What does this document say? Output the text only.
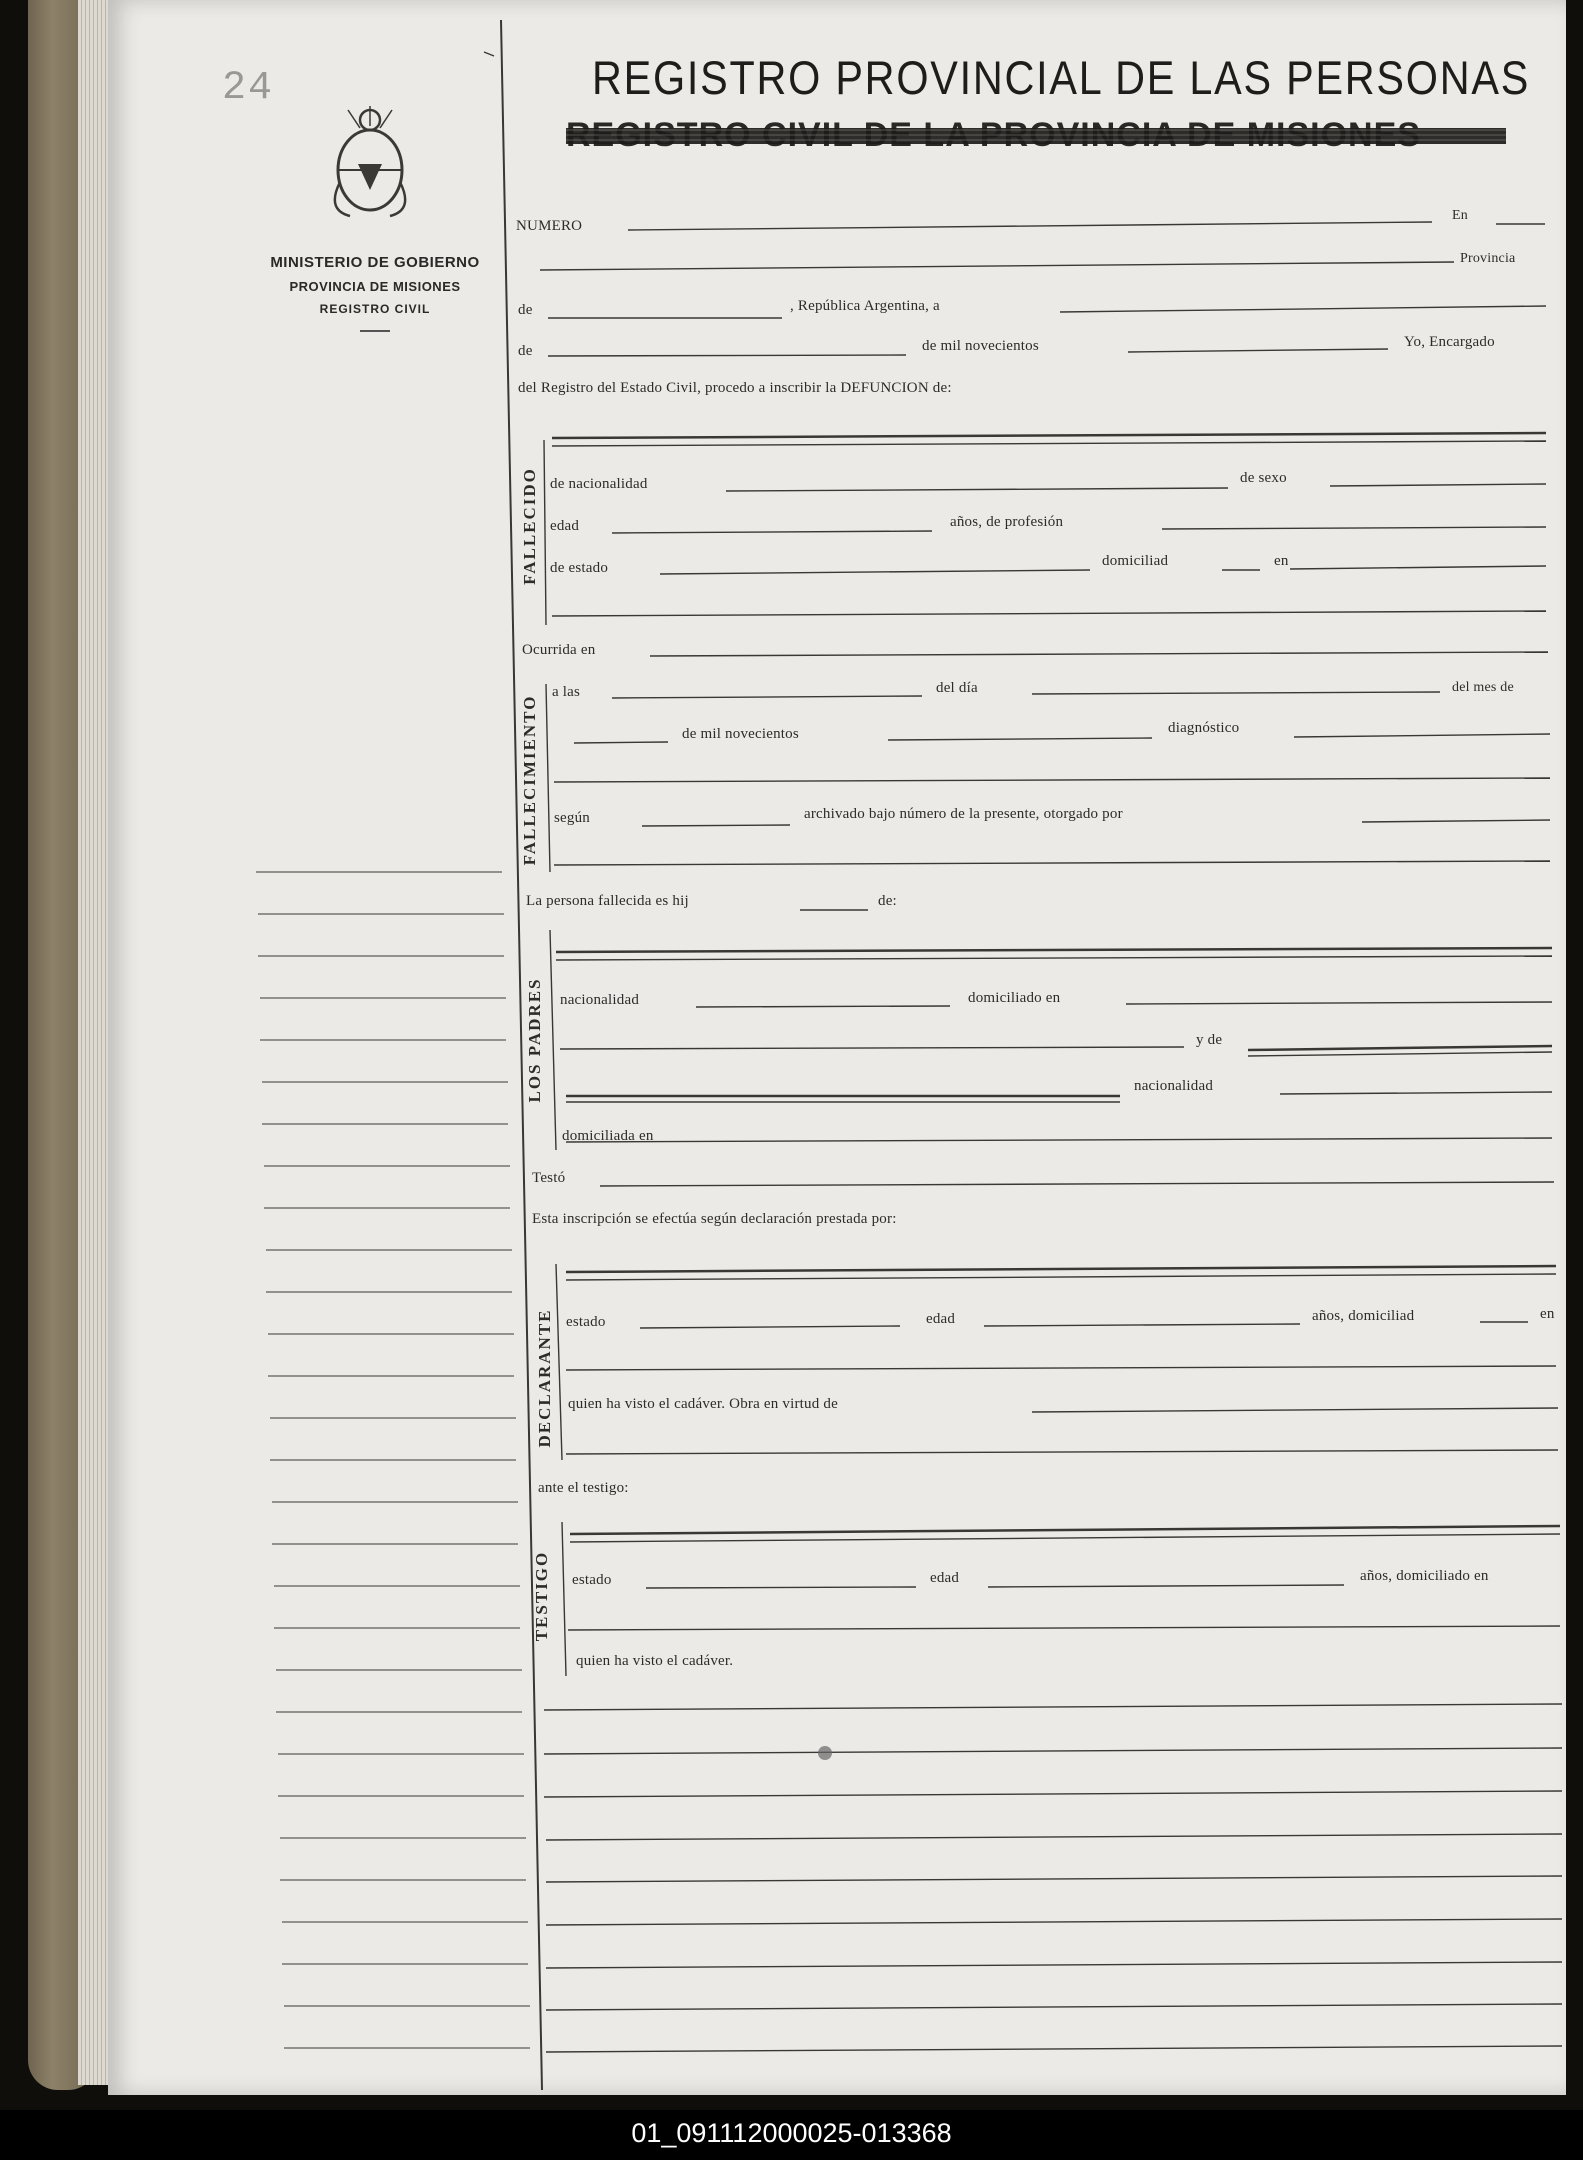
24
MINISTERIO DE GOBIERNO
PROVINCIA DE MISIONES
REGISTRO CIVIL
REGISTRO PROVINCIAL DE LAS PERSONAS
NUMERO
En
Provincia
de	, República Argentina, a
de	de mil novecientos	Yo, Encargado
del Registro del Estado Civil, procedo a inscribir la DEFUNCION de:
FALLECIDO de nacionalidad	de sexo
edad	años, de profesión
de estado	domiciliad	en
Ocurrida en
FALLECIMIENTO
a las	del día	del mes de
de mil novecientos	diagnóstico
según	archivado bajo número de la presente, otorgado por
La persona fallecida es hij	de:
LOS PADRES nacionalidad	domiciliado en
y de
nacionalidad
domiciliada en
Testó
Esta inscripción se efectúa según declaración prestada por:
DECLARANTE estado	edad	años, domiciliad	en
quien ha visto el cadáver. Obra en virtud de
ante el testigo:
TESTIGO estado	edad	años, domiciliado en
quien ha visto el cadáver.
01_091112000025-013368
